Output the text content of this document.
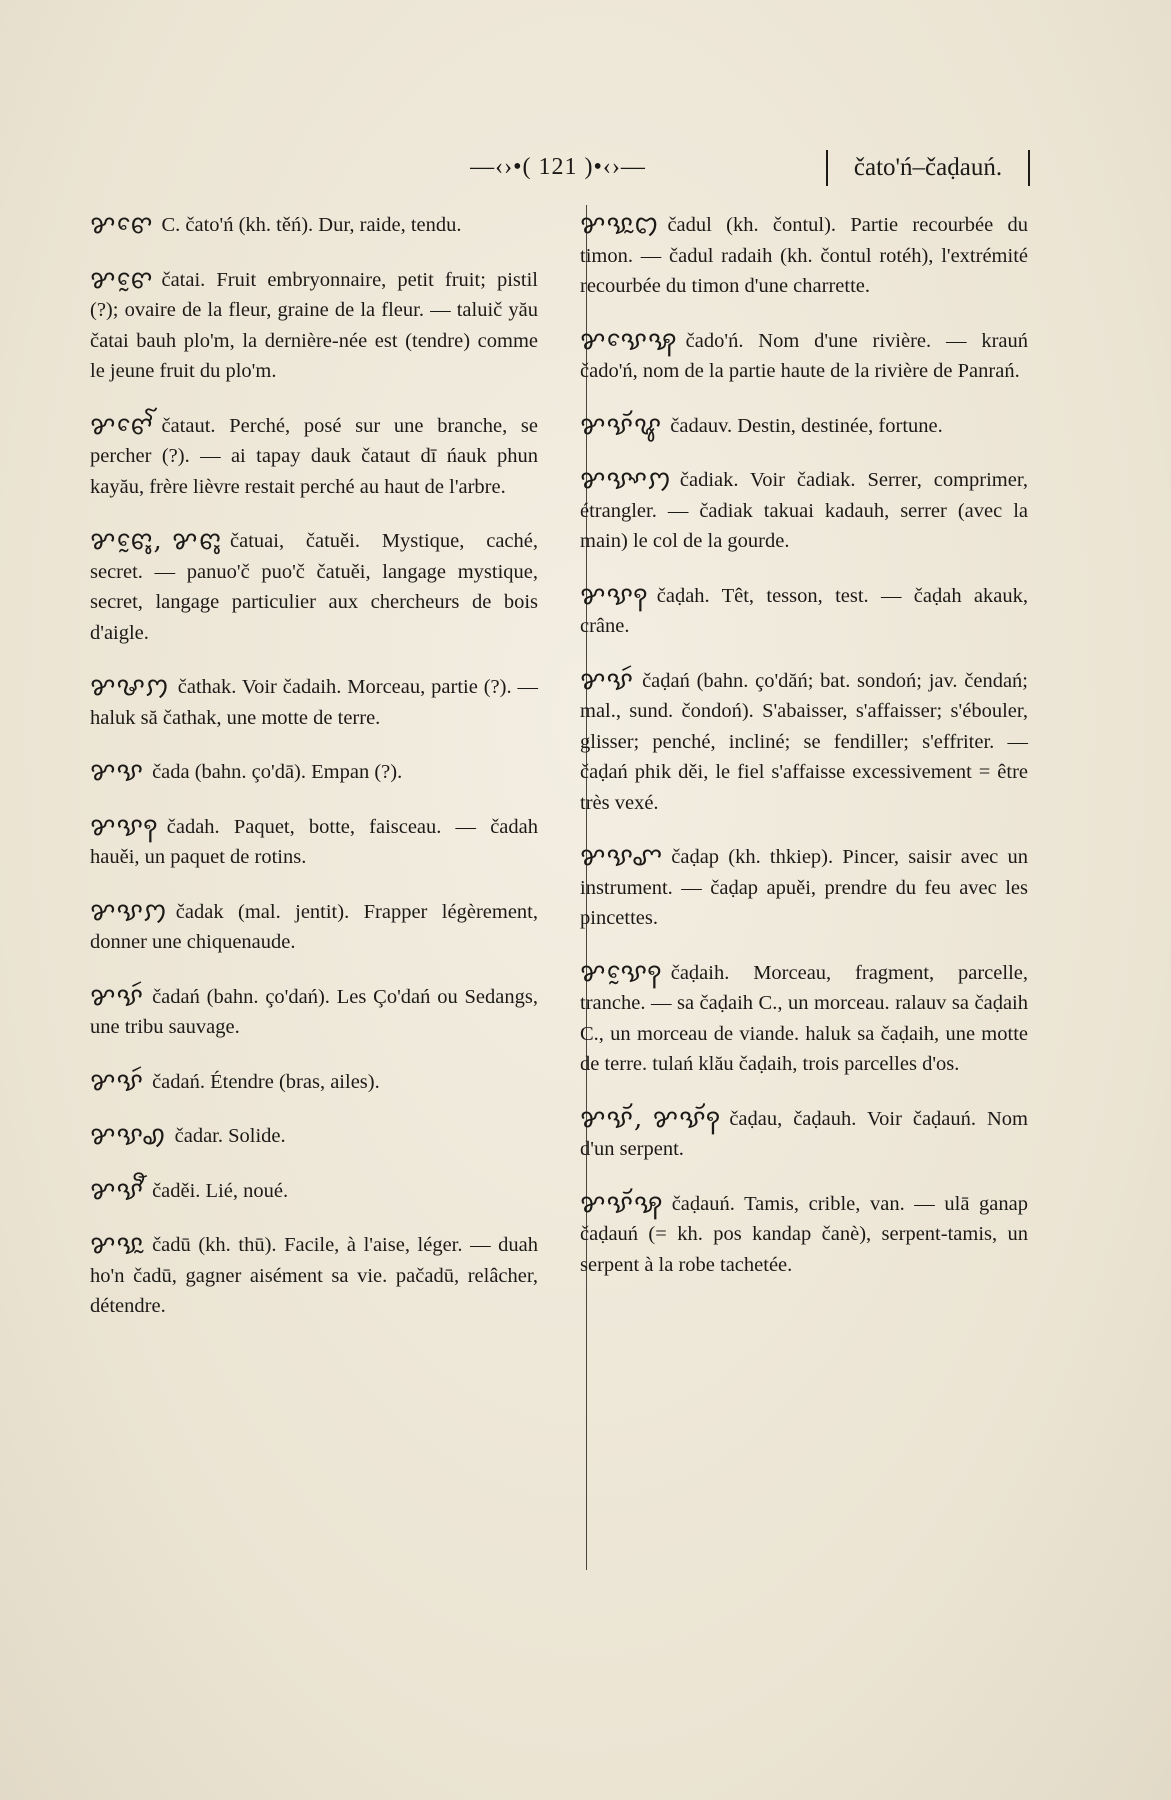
—‹›•( 121 )•‹›—	čato'ń–čaḍauń.

ꨌꨓꨯ C. čato'ń (kh. těń). Dur, raide, tendu.

ꨌꨓꨰ čatai. Fruit embryonnaire, petit fruit; pistil (?); ovaire de la fleur, graine de la fleur. — taluič yău čatai bauh plo'm, la dernière-née est (tendre) comme le jeune fruit du plo'm.

ꨌꨓꨯꨱ čataut. Perché, posé sur une branche, se percher (?). — ai tapay dauk čataut dī ńauk phun kayău, frère lièvre restait perché au haut de l'arbre.

ꨌꨓꨶꨰ, ꨌꨓꨶ čatuai, čatuěi. Mystique, caché, secret. — panuo'č puo'č čatuěi, langage mystique, secret, langage particulier aux chercheurs de bois d'aigle.

ꨌꨔꩀ čathak. Voir čadaih. Morceau, partie (?). — haluk să čathak, une motte de terre.

ꨌꨕ čada (bahn. ço'dā). Empan (?).

ꨌꨕꩍ čadah. Paquet, botte, faisceau. — čadah hauěi, un paquet de rotins.

ꨌꨕꩀ čadak (mal. jentit). Frapper légèrement, donner une chiquenaude.

ꨌꨕꩃ čadań (bahn. ço'dań). Les Ço'dań ou Sedangs, une tribu sauvage.

ꨌꨕꩃ čadań. Étendre (bras, ailes).

ꨌꨕꩉ čadar. Solide.

ꨌꨕꨬ čaděi. Lié, noué.

ꨌꨕꨭ čadū (kh. thū). Facile, à l'aise, léger. — duah ho'n čadū, gagner aisément sa vie. pačadū, relâcher, détendre.

ꨌꨕꨭꩊ čadul (kh. čontul). Partie recourbée du timon. — čadul radaih (kh. čontul rotéh), l'extrémité recourbée du timon d'une charrette.

ꨌꨕꨯꩂ čado'ń. Nom d'une rivière. — krauń čado'ń, nom de la partie haute de la rivière de Panrań.

ꨌꨕꨮꨥ čadauv. Destin, destinée, fortune.

ꨌꨕꨳꩀ čadiak. Voir čadiak. Serrer, comprimer, étrangler. — čadiak takuai kadauh, serrer (avec la main) le col de la gourde.

ꨌꨕꩍ čaḍah. Têt, tesson, test. — čaḍah akauk, crâne.

ꨌꨕꩃ čaḍań (bahn. ço'dăń; bat. sondoń; jav. čendań; mal., sund. čondoń). S'abaisser, s'affaisser; s'ébouler, glisser; penché, incliné; se fendiller; s'effriter. — čaḍań phik děi, le fiel s'affaisse excessivement = être très vexé.

ꨌꨕꨚ čaḍap (kh. thkiep). Pincer, saisir avec un instrument. — čaḍap apuěi, prendre du feu avec les pincettes.

ꨌꨕꨰꩍ čaḍaih. Morceau, fragment, parcelle, tranche. — sa čaḍaih C., un morceau. ralauv sa čaḍaih C., un morceau de viande. haluk sa čaḍaih, une motte de terre. tulań klău čaḍaih, trois parcelles d'os.

ꨌꨕꨮ, ꨌꨕꨮꩍ čaḍau, čaḍauh. Voir čaḍauń. Nom d'un serpent.

ꨌꨕꨮꩂ čaḍauń. Tamis, crible, van. — ulā ganap čaḍauń (= kh. pos kandap čanè), serpent-tamis, un serpent à la robe tachetée.
